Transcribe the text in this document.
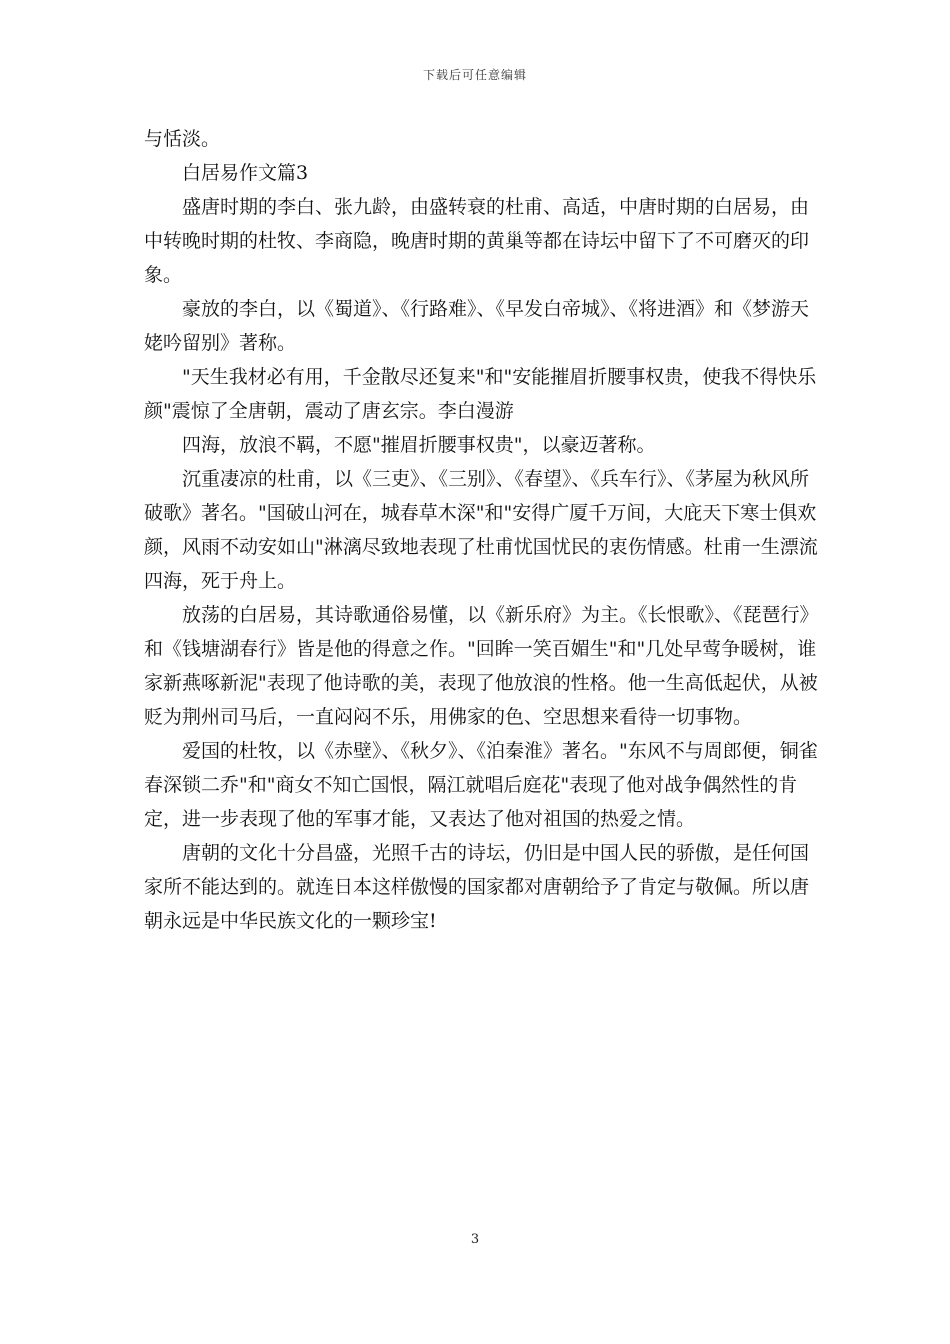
下载后可任意编辑

与恬淡。

白居易作文篇3

盛唐时期的李白、张九龄，由盛转衰的杜甫、高适，中唐时期的白居易，由中转晚时期的杜牧、李商隐，晚唐时期的黄巢等都在诗坛中留下了不可磨灭的印象。

豪放的李白，以《蜀道》、《行路难》、《早发白帝城》、《将进酒》和《梦游天姥吟留别》著称。

"天生我材必有用，千金散尽还复来"和"安能摧眉折腰事权贵，使我不得快乐颜"震惊了全唐朝，震动了唐玄宗。李白漫游

四海，放浪不羁，不愿"摧眉折腰事权贵"，以豪迈著称。

沉重凄凉的杜甫，以《三吏》、《三别》、《春望》、《兵车行》、《茅屋为秋风所破歌》著名。"国破山河在，城春草木深"和"安得广厦千万间，大庇天下寒士俱欢颜，风雨不动安如山"淋漓尽致地表现了杜甫忧国忧民的衷伤情感。杜甫一生漂流四海，死于舟上。

放荡的白居易，其诗歌通俗易懂，以《新乐府》为主。《长恨歌》、《琵琶行》和《钱塘湖春行》皆是他的得意之作。"回眸一笑百媚生"和"几处早莺争暖树，谁家新燕啄新泥"表现了他诗歌的美，表现了他放浪的性格。他一生高低起伏，从被贬为荆州司马后，一直闷闷不乐，用佛家的色、空思想来看待一切事物。

爱国的杜牧，以《赤壁》、《秋夕》、《泊秦淮》著名。"东风不与周郎便，铜雀春深锁二乔"和"商女不知亡国恨，隔江就唱后庭花"表现了他对战争偶然性的肯定，进一步表现了他的军事才能，又表达了他对祖国的热爱之情。

唐朝的文化十分昌盛，光照千古的诗坛，仍旧是中国人民的骄傲，是任何国家所不能达到的。就连日本这样傲慢的国家都对唐朝给予了肯定与敬佩。所以唐朝永远是中华民族文化的一颗珍宝!

3
